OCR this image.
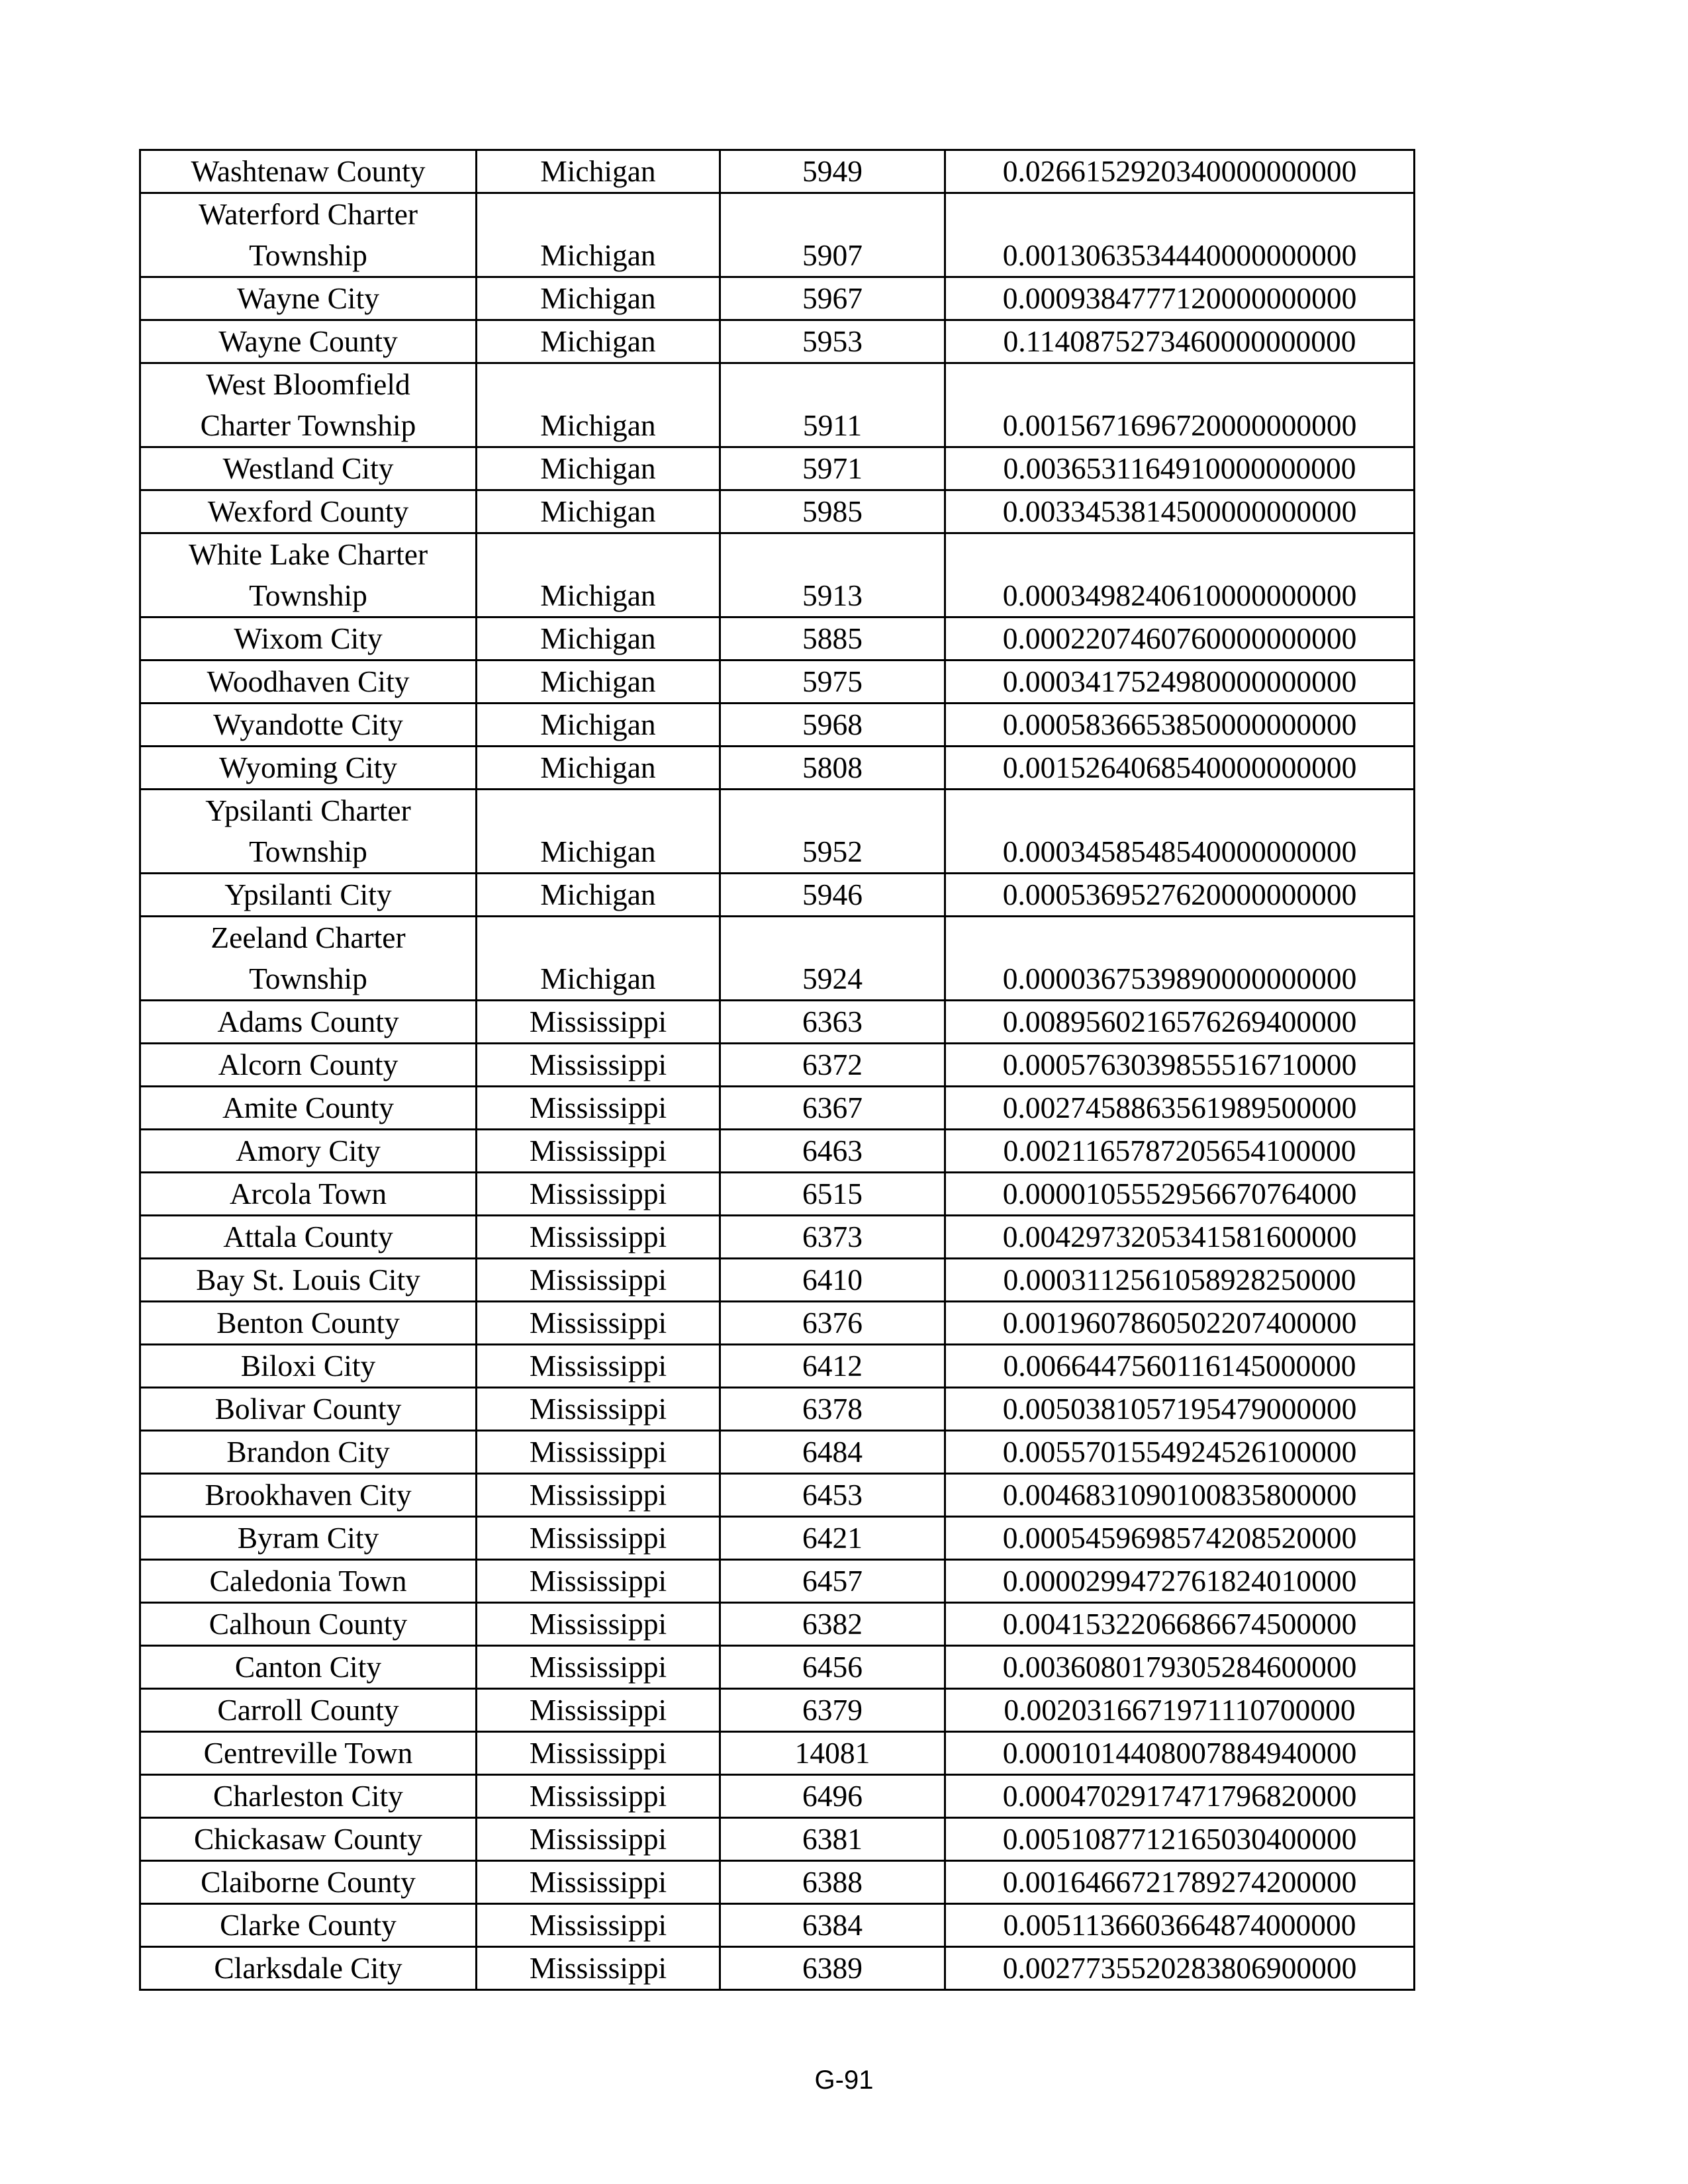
Washtenaw County	Michigan	5949	0.0266152920340000000000

Waterford Charter
Township	Michigan	5907	0.0013063534440000000000

Wayne City	Michigan	5967	0.0009384777120000000000

Wayne County	Michigan	5953	0.1140875273460000000000

West Bloomfield
Charter Township	Michigan	5911	0.0015671696720000000000

Westland City	Michigan	5971	0.0036531164910000000000

Wexford County	Michigan	5985	0.0033453814500000000000

White Lake Charter
Township	Michigan	5913	0.0003498240610000000000

Wixom City	Michigan	5885	0.0002207460760000000000

Woodhaven City	Michigan	5975	0.0003417524980000000000

Wyandotte City	Michigan	5968	0.0005836653850000000000

Wyoming City	Michigan	5808	0.0015264068540000000000

Ypsilanti Charter
Township	Michigan	5952	0.0003458548540000000000

Ypsilanti City	Michigan	5946	0.0005369527620000000000

Zeeland Charter
Township	Michigan	5924	0.0000367539890000000000

Adams County	Mississippi	6363	0.0089560216576269400000

Alcorn County	Mississippi	6372	0.0005763039855516710000

Amite County	Mississippi	6367	0.0027458863561989500000

Amory City	Mississippi	6463	0.0021165787205654100000

Arcola Town	Mississippi	6515	0.0000105552956670764000

Attala County	Mississippi	6373	0.0042973205341581600000

Bay St. Louis City	Mississippi	6410	0.0003112561058928250000

Benton County	Mississippi	6376	0.0019607860502207400000

Biloxi City	Mississippi	6412	0.0066447560116145000000

Bolivar County	Mississippi	6378	0.0050381057195479000000

Brandon City	Mississippi	6484	0.0055701554924526100000

Brookhaven City	Mississippi	6453	0.0046831090100835800000

Byram City	Mississippi	6421	0.0005459698574208520000

Caledonia Town	Mississippi	6457	0.0000299472761824010000

Calhoun County	Mississippi	6382	0.0041532206686674500000

Canton City	Mississippi	6456	0.0036080179305284600000

Carroll County	Mississippi	6379	0.0020316671971110700000

Centreville Town	Mississippi	14081	0.0001014408007884940000

Charleston City	Mississippi	6496	0.0004702917471796820000

Chickasaw County	Mississippi	6381	0.0051087712165030400000

Claiborne County	Mississippi	6388	0.0016466721789274200000

Clarke County	Mississippi	6384	0.0051136603664874000000

Clarksdale City	Mississippi	6389	0.0027735520283806900000
G-91
